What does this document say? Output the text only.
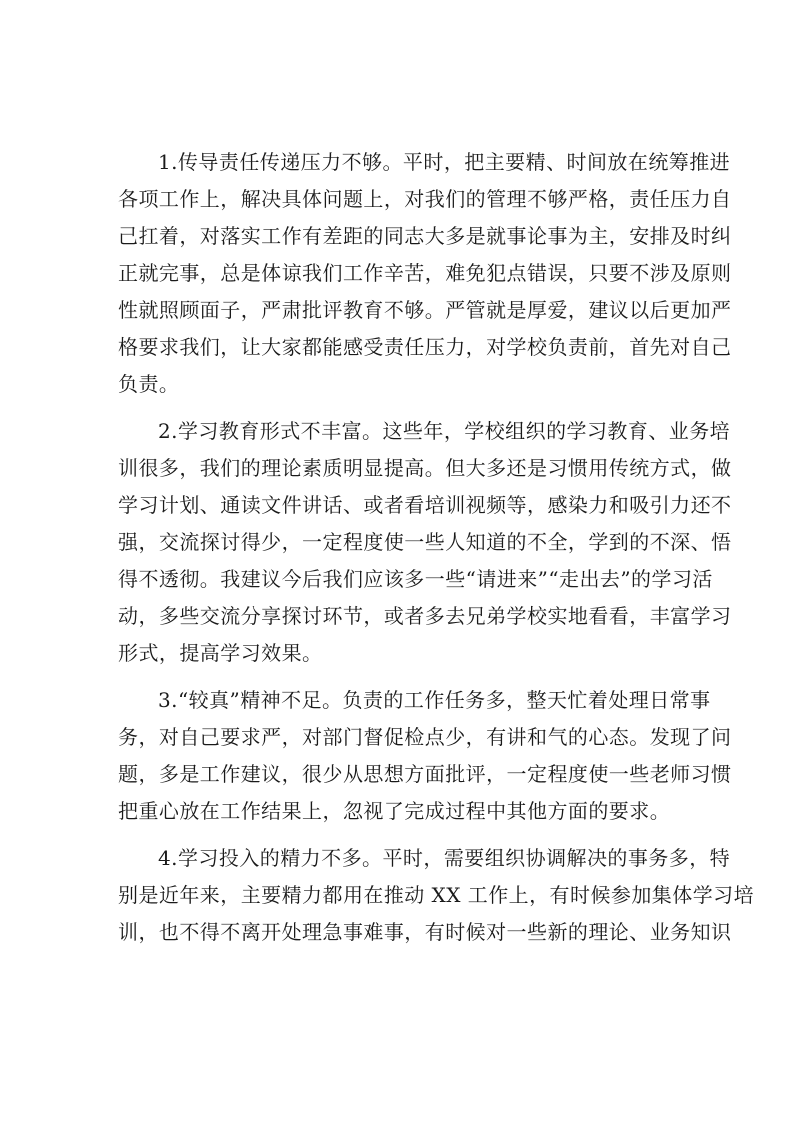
1.传导责任传递压力不够。平时，把主要精、时间放在统筹推进
各项工作上，解决具体问题上，对我们的管理不够严格，责任压力自
己扛着，对落实工作有差距的同志大多是就事论事为主，安排及时纠
正就完事，总是体谅我们工作辛苦，难免犯点错误，只要不涉及原则
性就照顾面子，严肃批评教育不够。严管就是厚爱，建议以后更加严
格要求我们，让大家都能感受责任压力，对学校负责前，首先对自己
负责。
2.学习教育形式不丰富。这些年，学校组织的学习教育、业务培
训很多，我们的理论素质明显提高。但大多还是习惯用传统方式，做
学习计划、通读文件讲话、或者看培训视频等，感染力和吸引力还不
强，交流探讨得少，一定程度使一些人知道的不全，学到的不深、悟
得不透彻。我建议今后我们应该多一些“请进来”“走出去”的学习活
动，多些交流分享探讨环节，或者多去兄弟学校实地看看，丰富学习
形式，提高学习效果。
3.“较真”精神不足。负责的工作任务多，整天忙着处理日常事
务，对自己要求严，对部门督促检点少，有讲和气的心态。发现了问
题，多是工作建议，很少从思想方面批评，一定程度使一些老师习惯
把重心放在工作结果上，忽视了完成过程中其他方面的要求。
4.学习投入的精力不多。平时，需要组织协调解决的事务多，特
别是近年来，主要精力都用在推动 XX 工作上，有时候参加集体学习培
训，也不得不离开处理急事难事，有时候对一些新的理论、业务知识
